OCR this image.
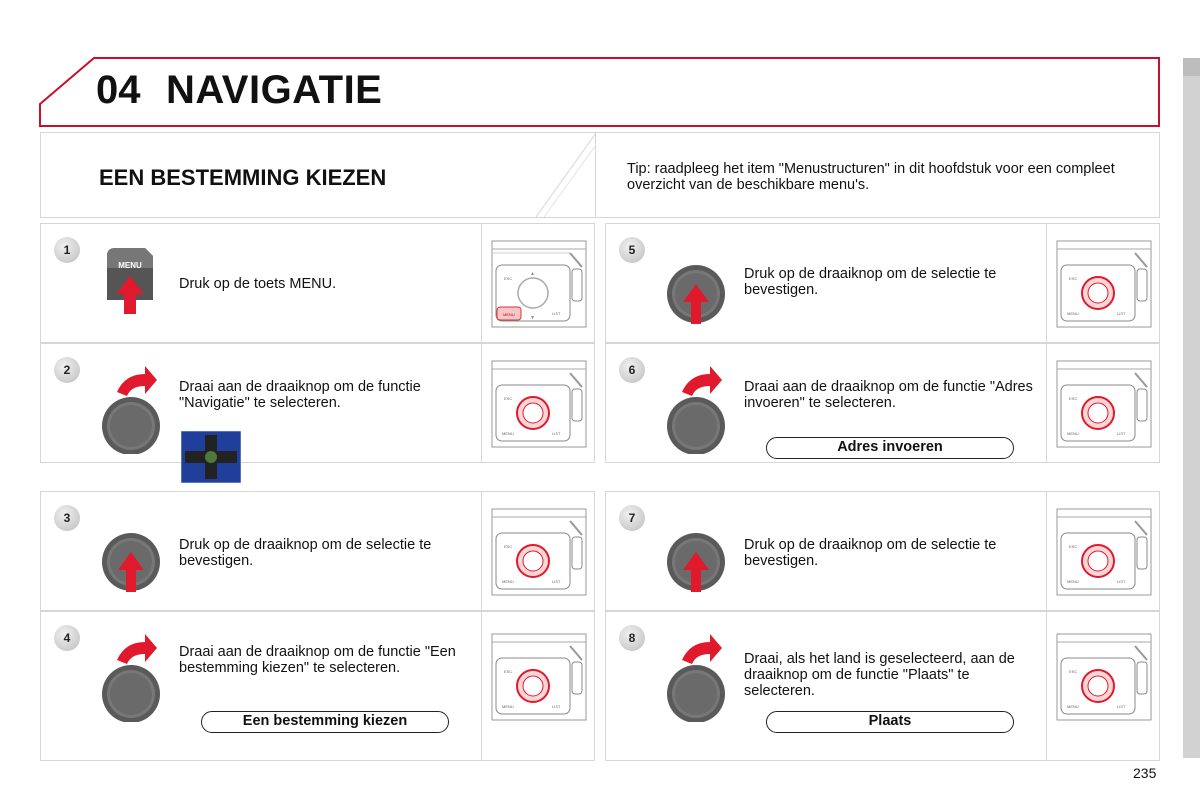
04 NAVIGATIE
EEN BESTEMMING KIEZEN	Tip: raadpleeg het item "Menustructuren" in dit hoofdstuk voor een compleet overzicht van de beschikbare menu's.
1
MENU
Druk op de toets MENU.	ESC
LIST
MENU
▲
▼
2
Draai aan de draaiknop om de functie "Navigatie" te selecteren.	ESC
MENU	LIST
3
Druk op de draaiknop om de selectie te bevestigen.
ESC
MENU	LIST
4
Draai aan de draaiknop om de functie "Een bestemming kiezen" te selecteren.
Een bestemming kiezen
ESC
MENU	LIST
5
Druk op de draaiknop om de selectie te bevestigen.
ESC
MENU	LIST
6
Draai aan de draaiknop om de functie "Adres invoeren" te selecteren.
Adres invoeren
ESC
MENU	LIST
7
Druk op de draaiknop om de selectie te bevestigen.
ESC
MENU	LIST
8
Draai, als het land is geselecteerd, aan de draaiknop om de functie "Plaats" te selecteren.
Plaats
ESC
MENU	LIST
235
